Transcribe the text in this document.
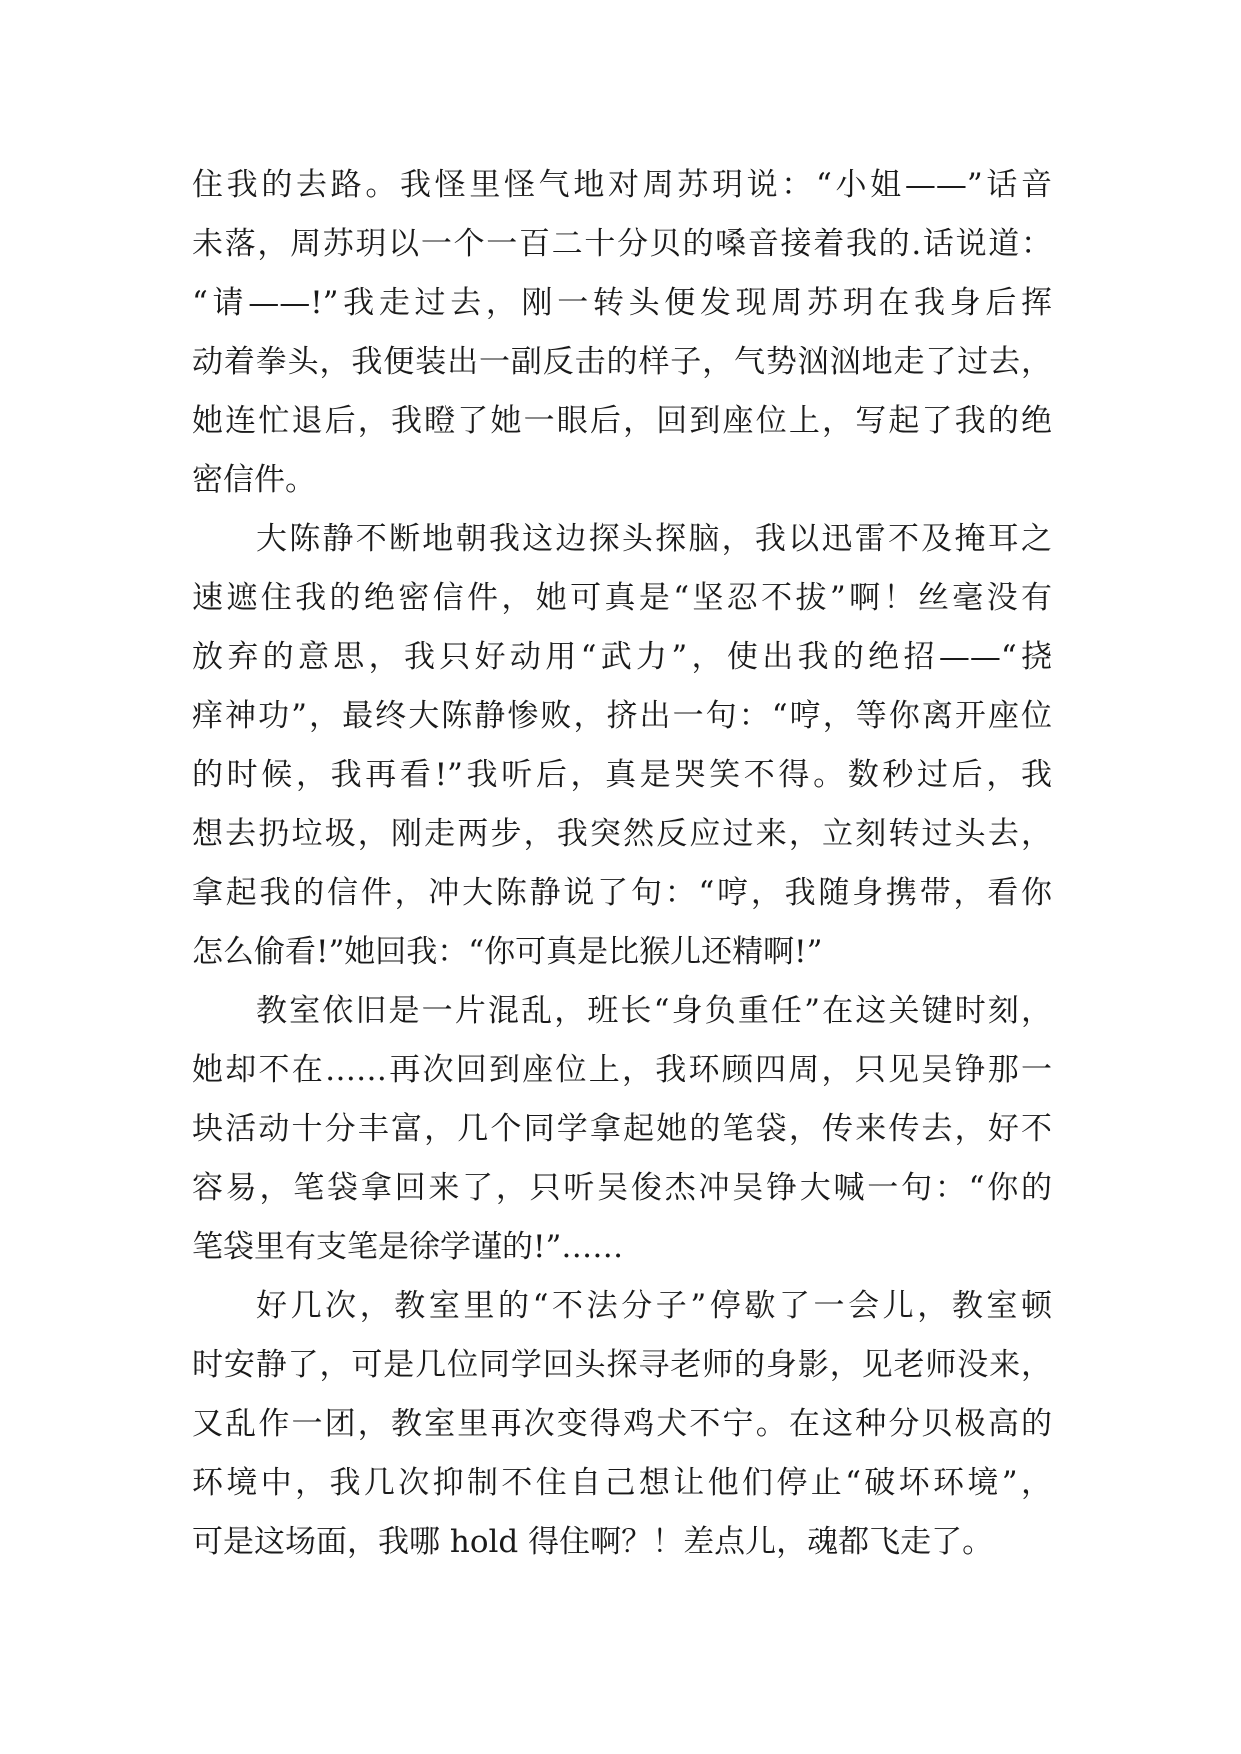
住我的去路。我怪里怪气地对周苏玥说：“小姐——”话音
未落，周苏玥以一个一百二十分贝的嗓音接着我的.话说道：
“请——!”我走过去，刚一转头便发现周苏玥在我身后挥
动着拳头，我便装出一副反击的样子，气势汹汹地走了过去，
她连忙退后，我瞪了她一眼后，回到座位上，写起了我的绝
密信件。
大陈静不断地朝我这边探头探脑，我以迅雷不及掩耳之
速遮住我的绝密信件，她可真是“坚忍不拔”啊！丝毫没有
放弃的意思，我只好动用“武力”，使出我的绝招——“挠
痒神功”，最终大陈静惨败，挤出一句：“哼，等你离开座位
的时候，我再看!”我听后，真是哭笑不得。数秒过后，我
想去扔垃圾，刚走两步，我突然反应过来，立刻转过头去，
拿起我的信件，冲大陈静说了句：“哼，我随身携带，看你
怎么偷看!”她回我：“你可真是比猴儿还精啊!”
教室依旧是一片混乱，班长“身负重任”在这关键时刻，
她却不在……再次回到座位上，我环顾四周，只见吴铮那一
块活动十分丰富，几个同学拿起她的笔袋，传来传去，好不
容易，笔袋拿回来了，只听吴俊杰冲吴铮大喊一句：“你的
笔袋里有支笔是徐学谨的!”……
好几次，教室里的“不法分子”停歇了一会儿，教室顿
时安静了，可是几位同学回头探寻老师的身影，见老师没来，
又乱作一团，教室里再次变得鸡犬不宁。在这种分贝极高的
环境中，我几次抑制不住自己想让他们停止“破坏环境”，
可是这场面，我哪 hold 得住啊？！差点儿，魂都飞走了。
